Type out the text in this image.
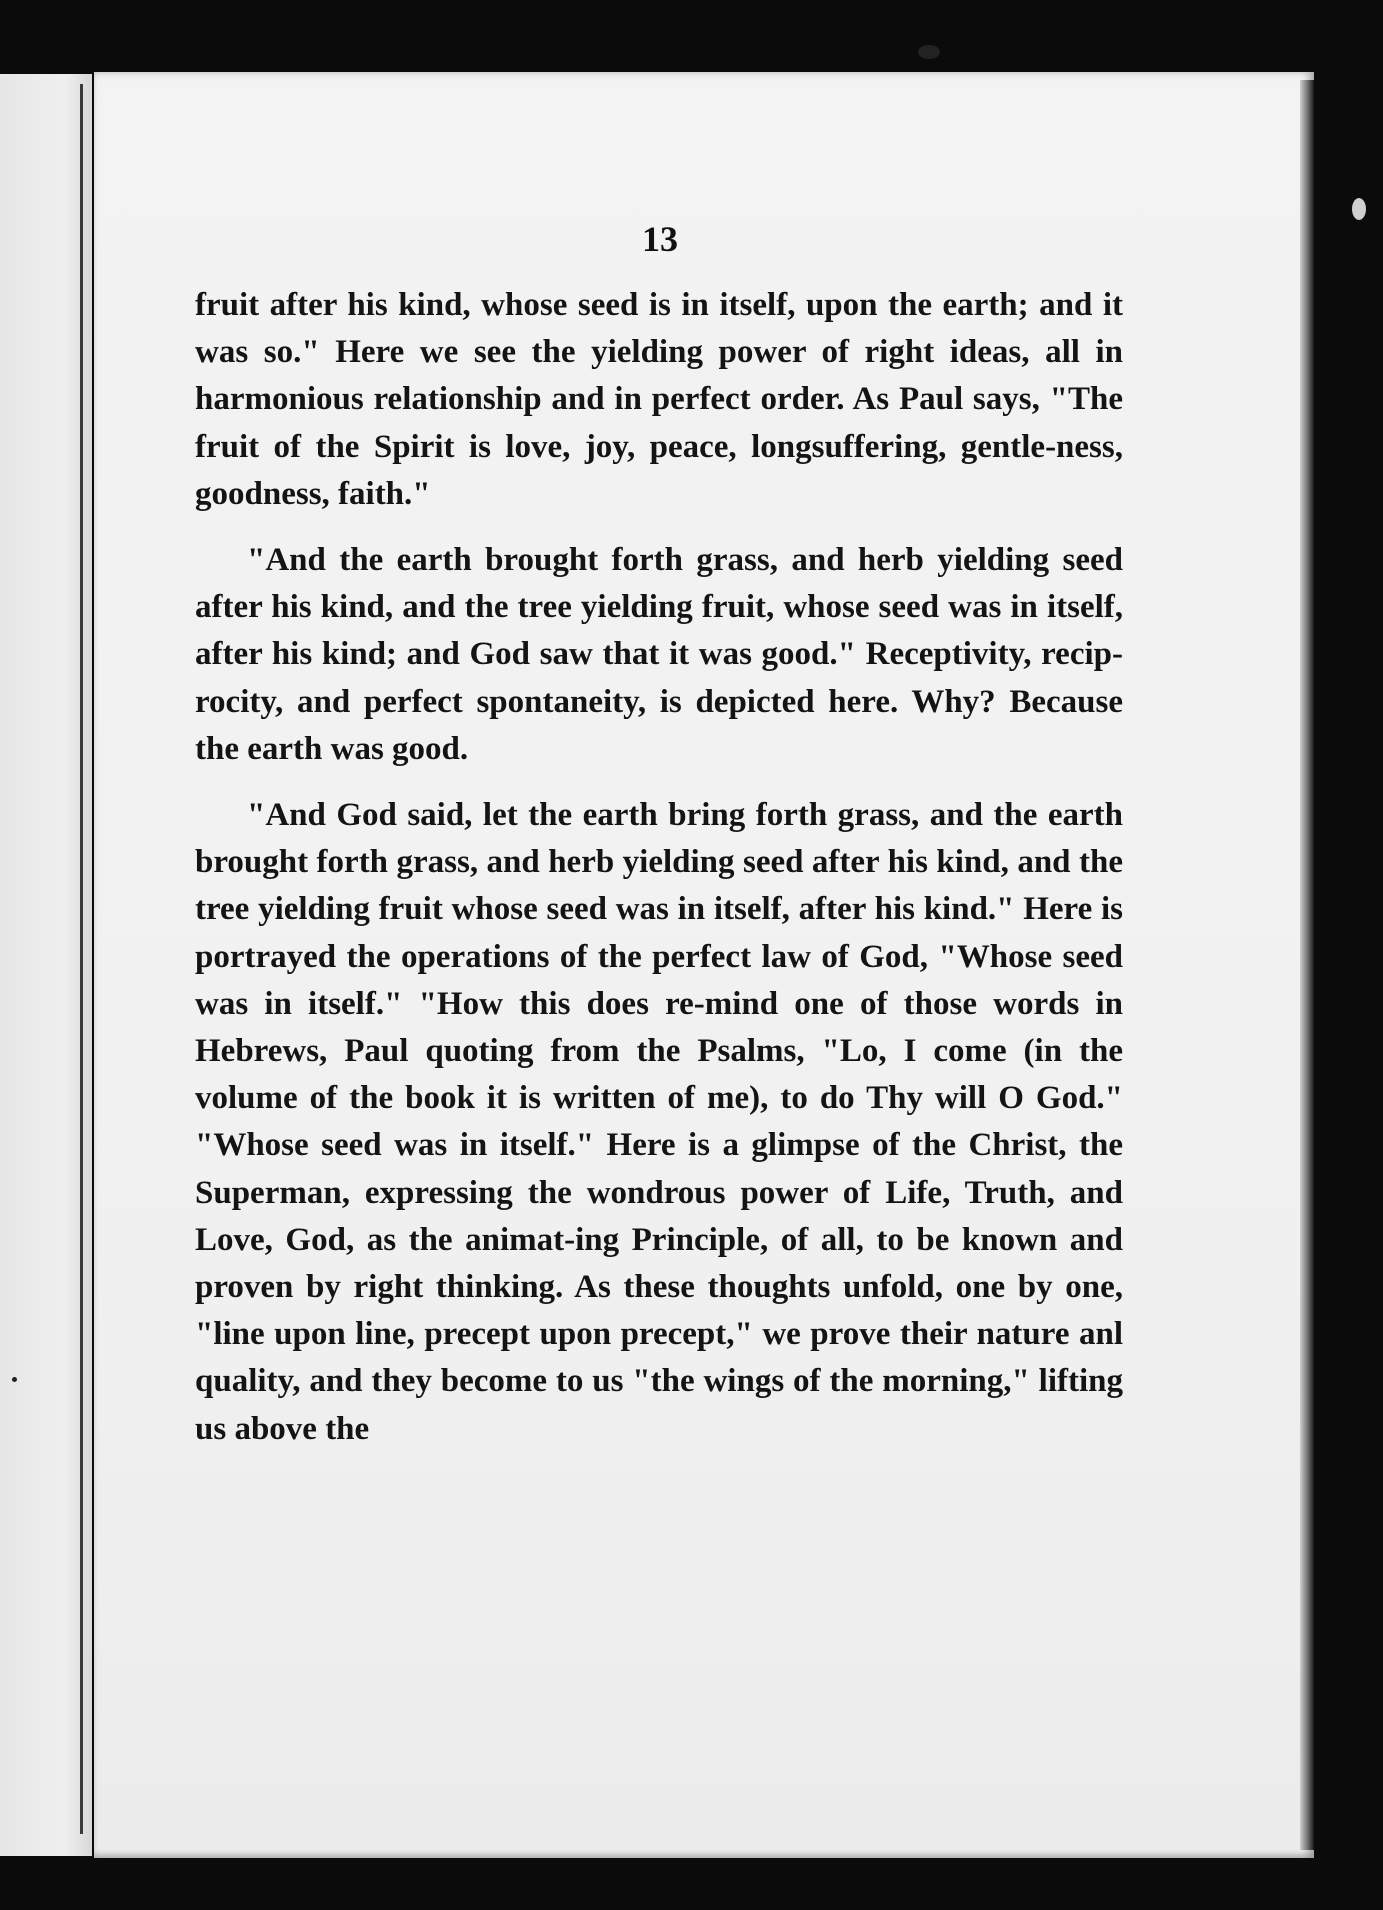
13

fruit after his kind, whose seed is in itself, upon the earth; and it was so." Here we see the yielding power of right ideas, all in harmonious relationship and in perfect order. As Paul says, "The fruit of the Spirit is love, joy, peace, longsuffering, gentle-ness, goodness, faith."

"And the earth brought forth grass, and herb yielding seed after his kind, and the tree yielding fruit, whose seed was in itself, after his kind; and God saw that it was good." Receptivity, recip-rocity, and perfect spontaneity, is depicted here. Why? Because the earth was good.

"And God said, let the earth bring forth grass, and the earth brought forth grass, and herb yielding seed after his kind, and the tree yielding fruit whose seed was in itself, after his kind." Here is portrayed the operations of the perfect law of God, "Whose seed was in itself." "How this does re-mind one of those words in Hebrews, Paul quoting from the Psalms, "Lo, I come (in the volume of the book it is written of me), to do Thy will O God." "Whose seed was in itself." Here is a glimpse of the Christ, the Superman, expressing the wondrous power of Life, Truth, and Love, God, as the animat-ing Principle, of all, to be known and proven by right thinking. As these thoughts unfold, one by one, "line upon line, precept upon precept," we prove their nature anl quality, and they become to us "the wings of the morning," lifting us above the
